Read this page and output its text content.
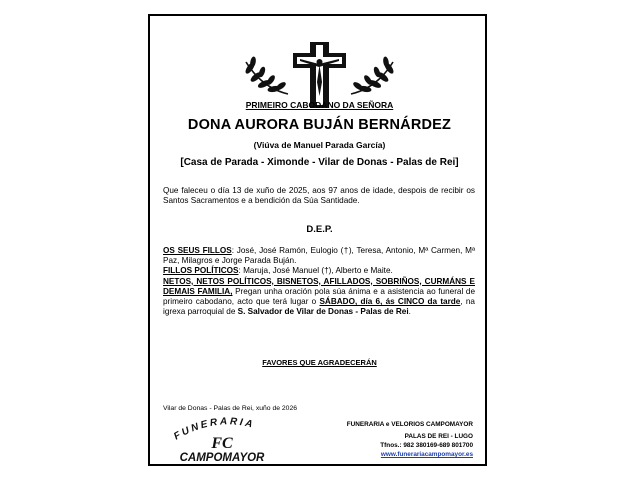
PRIMEIRO CABODANO DA SEÑORA
DONA AURORA BUJÁN BERNÁRDEZ
(Viúva de Manuel Parada García)
[Casa de Parada - Ximonde - Vilar de Donas - Palas de Rei]
Que faleceu o día 13 de xuño de 2025, aos 97 anos de idade, despois de recibir os Santos Sacramentos e a bendición da Súa Santidade.
D.E.P.
OS SEUS FILLOS: José, José Ramón, Eulogio (†), Teresa, Antonio, Mª Carmen, Mª Paz, Milagros e Jorge Parada Buján.
FILLOS POLÍTICOS: Maruja, José Manuel (†), Alberto e Maite.
NETOS, NETOS POLÍTICOS, BISNETOS, AFILLADOS, SOBRIÑOS, CURMÁNS E DEMAIS FAMILIA, Pregan unha oración pola súa ánima e a asistencia ao funeral de primeiro cabodano, acto que terá lugar o SÁBADO, día 6, ás CINCO da tarde, na igrexa parroquial de S. Salvador de Vilar de Donas - Palas de Rei.
FAVORES QUE AGRADECERÁN
Vilar de Donas - Palas de Rei, xuño de 2026
FUNERARIA
FC
CAMPOMAYOR
FUNERARIA e VELORIOS CAMPOMAYOR
PALAS DE REI - LUGO
Tfnos.: 982 380169-689 801700
www.funerariacampomayor.es
